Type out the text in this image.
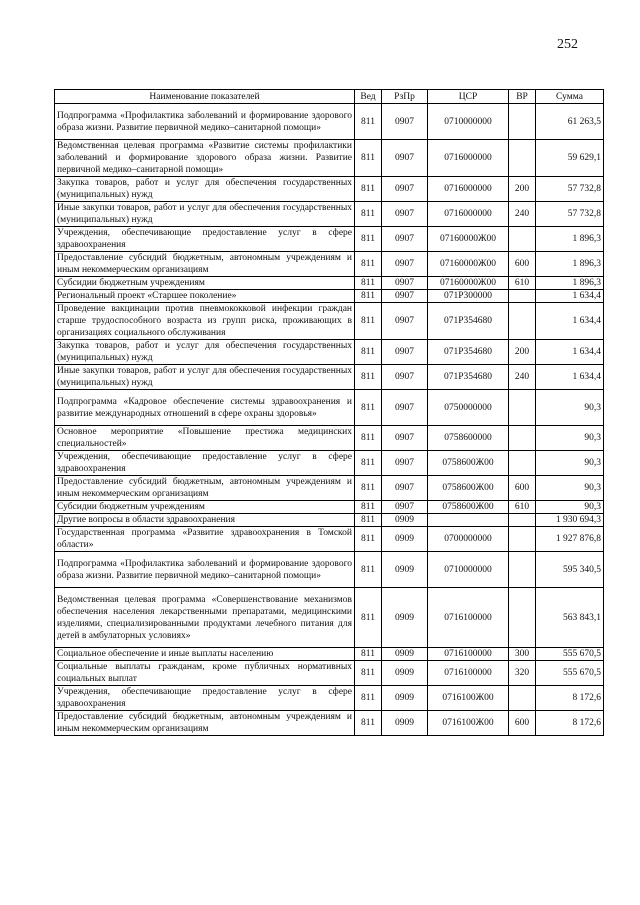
252
Наименование показателей	Вед	РзПр	ЦСР	ВР	Сумма
Подпрограмма «Профилактика заболеваний и формирование здорового образа жизни. Развитие первичной медико–санитарной помощи»	811	0907	0710000000		61 263,5
Ведомственная целевая программа «Развитие системы профилактики заболеваний и формирование здорового образа жизни. Развитие первичной медико–санитарной помощи»	811	0907	0716000000		59 629,1
Закупка товаров, работ и услуг для обеспечения государственных (муниципальных) нужд	811	0907	0716000000	200	57 732,8
Иные закупки товаров, работ и услуг для обеспечения государственных (муниципальных) нужд	811	0907	0716000000	240	57 732,8
Учреждения, обеспечивающие предоставление услуг в сфере здравоохранения	811	0907	07160000Ж00		1 896,3
Предоставление субсидий бюджетным, автономным учреждениям и иным некоммерческим организациям	811	0907	07160000Ж00	600	1 896,3
Субсидии бюджетным учреждениям	811	0907	07160000Ж00	610	1 896,3
Региональный проект «Старшее поколение»	811	0907	071P300000		1 634,4
Проведение вакцинации против пневмококковой инфекции граждан старше трудоспособного возраста из групп риска, проживающих в организациях социального обслуживания	811	0907	071P354680		1 634,4
Закупка товаров, работ и услуг для обеспечения государственных (муниципальных) нужд	811	0907	071P354680	200	1 634,4
Иные закупки товаров, работ и услуг для обеспечения государственных (муниципальных) нужд	811	0907	071P354680	240	1 634,4
Подпрограмма «Кадровое обеспечение системы здравоохранения и развитие международных отношений в сфере охраны здоровья»	811	0907	0750000000		90,3
Основное мероприятие «Повышение престижа медицинских специальностей»	811	0907	0758600000		90,3
Учреждения, обеспечивающие предоставление услуг в сфере здравоохранения	811	0907	0758600Ж00		90,3
Предоставление субсидий бюджетным, автономным учреждениям и иным некоммерческим организациям	811	0907	0758600Ж00	600	90,3
Субсидии бюджетным учреждениям	811	0907	0758600Ж00	610	90,3
Другие вопросы в области здравоохранения	811	0909			1 930 694,3
Государственная программа «Развитие здравоохранения в Томской области»	811	0909	0700000000		1 927 876,8
Подпрограмма «Профилактика заболеваний и формирование здорового образа жизни. Развитие первичной медико–санитарной помощи»	811	0909	0710000000		595 340,5
Ведомственная целевая программа «Совершенствование механизмов обеспечения населения лекарственными препаратами, медицинскими изделиями, специализированными продуктами лечебного питания для детей в амбулаторных условиях»	811	0909	0716100000		563 843,1
Социальное обеспечение и иные выплаты населению	811	0909	0716100000	300	555 670,5
Социальные выплаты гражданам, кроме публичных нормативных социальных выплат	811	0909	0716100000	320	555 670,5
Учреждения, обеспечивающие предоставление услуг в сфере здравоохранения	811	0909	0716100Ж00		8 172,6
Предоставление субсидий бюджетным, автономным учреждениям и иным некоммерческим организациям	811	0909	0716100Ж00	600	8 172,6
